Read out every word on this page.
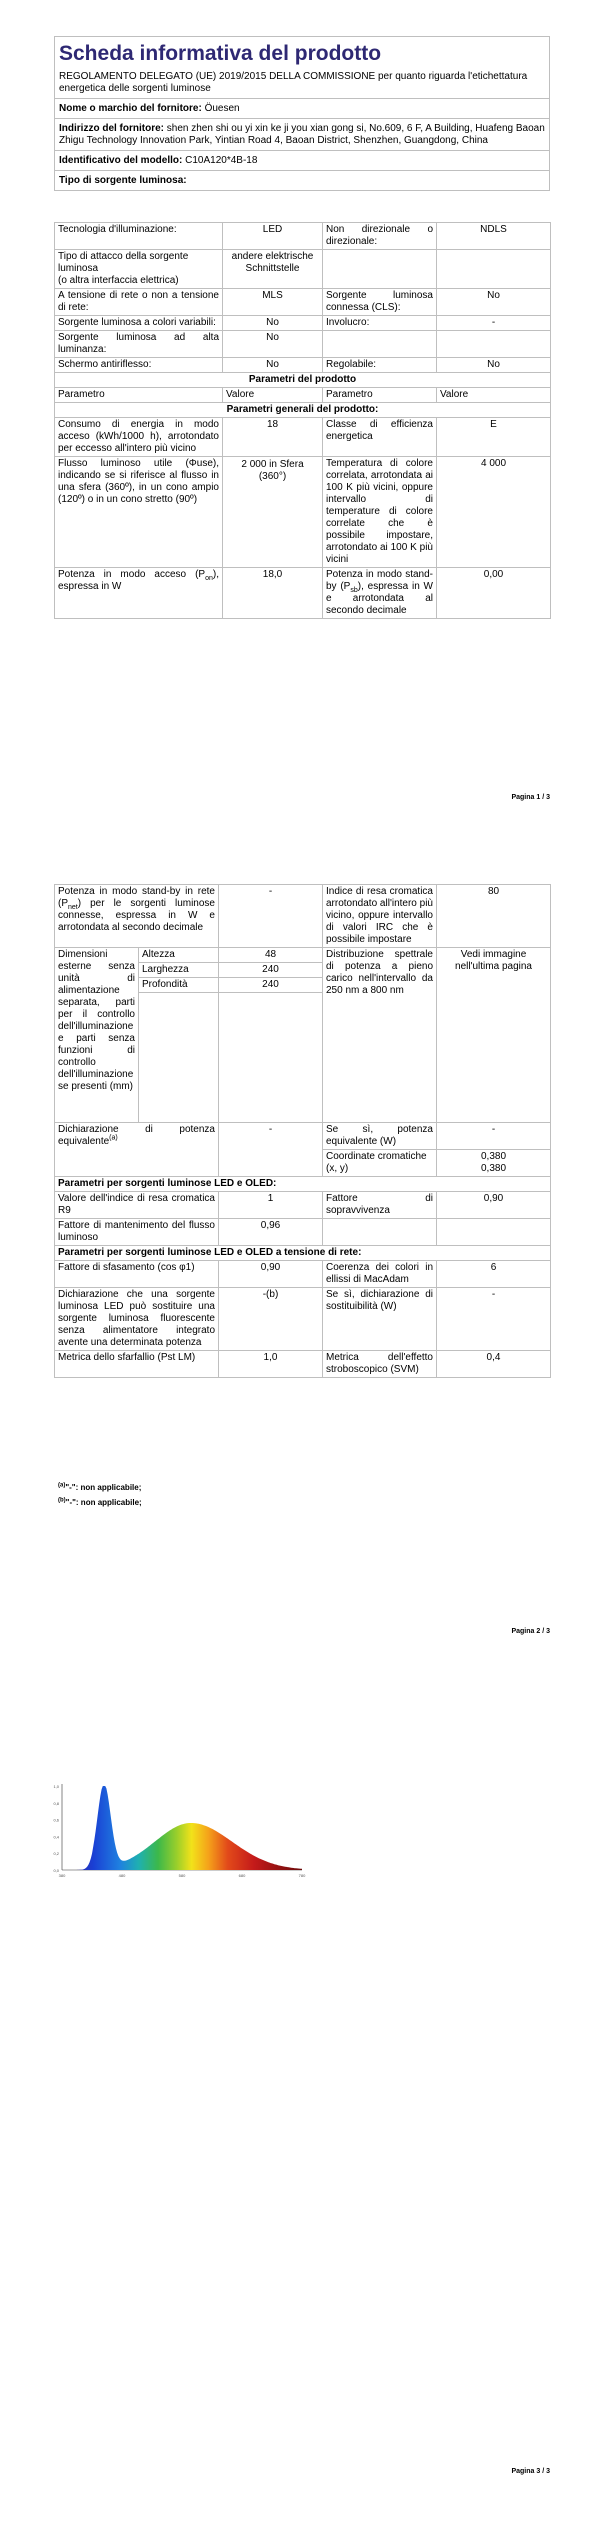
Scheda informativa del prodotto
REGOLAMENTO DELEGATO (UE) 2019/2015 DELLA COMMISSIONE per quanto riguarda l'etichettatura energetica delle sorgenti luminose

Nome o marchio del fornitore: Öuesen
Indirizzo del fornitore: shen zhen shi ou yi xin ke ji you xian gong si, No.609, 6 F, A Building, Huafeng Baoan Zhigu Technology Innovation Park, Yintian Road 4, Baoan District, Shenzhen, Guangdong, China
Identificativo del modello: C10A120*4B-18
Tipo di sorgente luminosa:
Tecnologia d'illuminazione:	LED	Non direzionale o direzionale:	NDLS

Tipo di attacco della sorgente luminosa
(o altra interfaccia elettrica)	andere elektrische Schnittstelle		
A tensione di rete o non a tensione di rete:	MLS	Sorgente luminosa connessa (CLS):	No
Sorgente luminosa a colori variabili:	No	Involucro:	-
Sorgente luminosa ad alta luminanza:	No		
Schermo antiriflesso:	No	Regolabile:	No
Parametri del prodotto			
Parametro	Valore	Parametro	Valore
Parametri generali del prodotto:			
Consumo di energia in modo acceso (kWh/1000 h), arrotondato per eccesso all'intero più vicino	18	Classe di efficienza energetica	E
Flusso luminoso utile (Φuse), indicando se si riferisce al flusso in una sfera (360º), in un cono ampio (120º) o in un cono stretto (90º)	2 000 in Sfera (360°)	Temperatura di colore correlata, arrotondata ai 100 K più vicini, oppure intervallo di temperature di colore correlate che è possibile impostare, arrotondato ai 100 K più vicini	4 000
Potenza in modo acceso $(P_{on})$, espressa in W	18,0	Potenza in modo stand-by $(P_{sb})$, espressa in W e arrotondata al secondo decimale	0,00
Pagina 1 / 3
Potenza in modo stand-by in rete $(P_{net})$ per le sorgenti luminose connesse, espressa in W e arrotondata al secondo decimale		-	Indice di resa cromatica arrotondato all'intero più vicino, oppure intervallo di valori IRC che è possibile impostare	80
Dimensioni esterne senza unità di alimentazione separata, parti per il controllo dell'illuminazione e parti senza funzioni di controllo dell'illuminazione se presenti (mm)	Altezza	48	Distribuzione spettrale di potenza a pieno carico nell'intervallo da 250 nm a 800 nm	Vedi immagine nell'ultima pagina
	Larghezza	240		
	Profondità	240		

Dichiarazione di potenza equivalente$^{(a)}$		-	Se sì, potenza equivalente (W)	-
			Coordinate cromatiche (x, y)	0,380
0,380

Parametri per sorgenti luminose LED e OLED:				
Valore dell'indice di resa cromatica R9		1	Fattore di sopravvivenza	0,90
Fattore di mantenimento del flusso luminoso		0,96		
Parametri per sorgenti luminose LED e OLED a tensione di rete:				
Fattore di sfasamento (cos φ1)		0,90	Coerenza dei colori in ellissi di MacAdam	6
Dichiarazione che una sorgente luminosa LED può sostituire una sorgente luminosa fluorescente senza alimentatore integrato avente una determinata potenza		-(b)	Se sì, dichiarazione di sostituibilità (W)	-
Metrica dello sfarfallio (Pst LM)		1,0	Metrica dell'effetto stroboscopico (SVM)	0,4
$^{(a)}$"-": non applicabile;
$^{(b)}$"-": non applicabile;
Pagina 2 / 3
1,0
0,8
0,6
0,4
0,2
0,0
380	480	580	680	780
Pagina 3 / 3
